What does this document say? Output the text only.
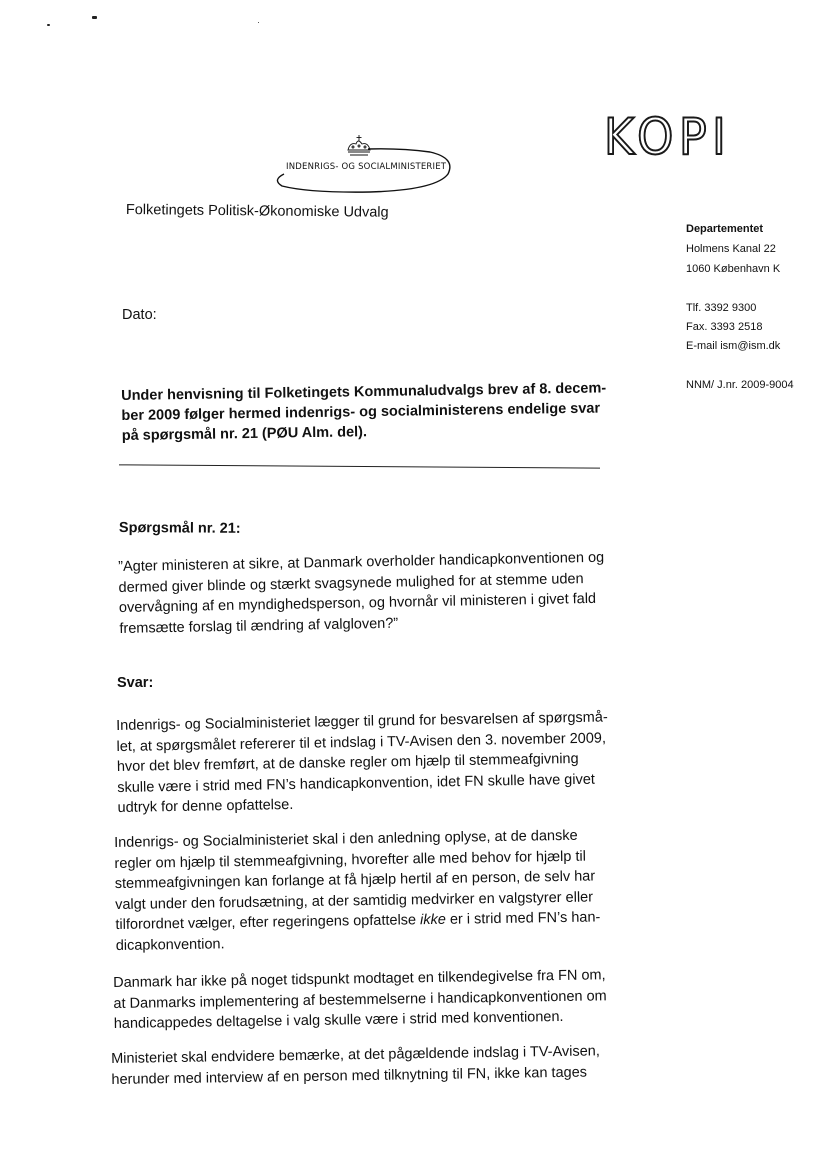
KOPI
INDENRIGS- OG SOCIALMINISTERIET
Folketingets Politisk-Økonomiske Udvalg
Departementet
Holmens Kanal 22
1060 København K
Tlf. 3392 9300
Fax. 3393 2518
E-mail ism@ism.dk
NNM/ J.nr. 2009-9004
Dato:
Under henvisning til Folketingets Kommunaludvalgs brev af 8. decem-
ber 2009 følger hermed indenrigs- og socialministerens endelige svar
på spørgsmål nr. 21 (PØU Alm. del).
Spørgsmål nr. 21:
”Agter ministeren at sikre, at Danmark overholder handicapkonventionen og
dermed giver blinde og stærkt svagsynede mulighed for at stemme uden
overvågning af en myndighedsperson, og hvornår vil ministeren i givet fald
fremsætte forslag til ændring af valgloven?”
Svar:
Indenrigs- og Socialministeriet lægger til grund for besvarelsen af spørgsmå-
let, at spørgsmålet refererer til et indslag i TV-Avisen den 3. november 2009,
hvor det blev fremført, at de danske regler om hjælp til stemmeafgivning
skulle være i strid med FN’s handicapkonvention, idet FN skulle have givet
udtryk for denne opfattelse.
Indenrigs- og Socialministeriet skal i den anledning oplyse, at de danske
regler om hjælp til stemmeafgivning, hvorefter alle med behov for hjælp til
stemmeafgivningen kan forlange at få hjælp hertil af en person, de selv har
valgt under den forudsætning, at der samtidig medvirker en valgstyrer eller
tilforordnet vælger, efter regeringens opfattelse ikke er i strid med FN’s han-
dicapkonvention.
Danmark har ikke på noget tidspunkt modtaget en tilkendegivelse fra FN om,
at Danmarks implementering af bestemmelserne i handicapkonventionen om
handicappedes deltagelse i valg skulle være i strid med konventionen.
Ministeriet skal endvidere bemærke, at det pågældende indslag i TV-Avisen,
herunder med interview af en person med tilknytning til FN, ikke kan tages
